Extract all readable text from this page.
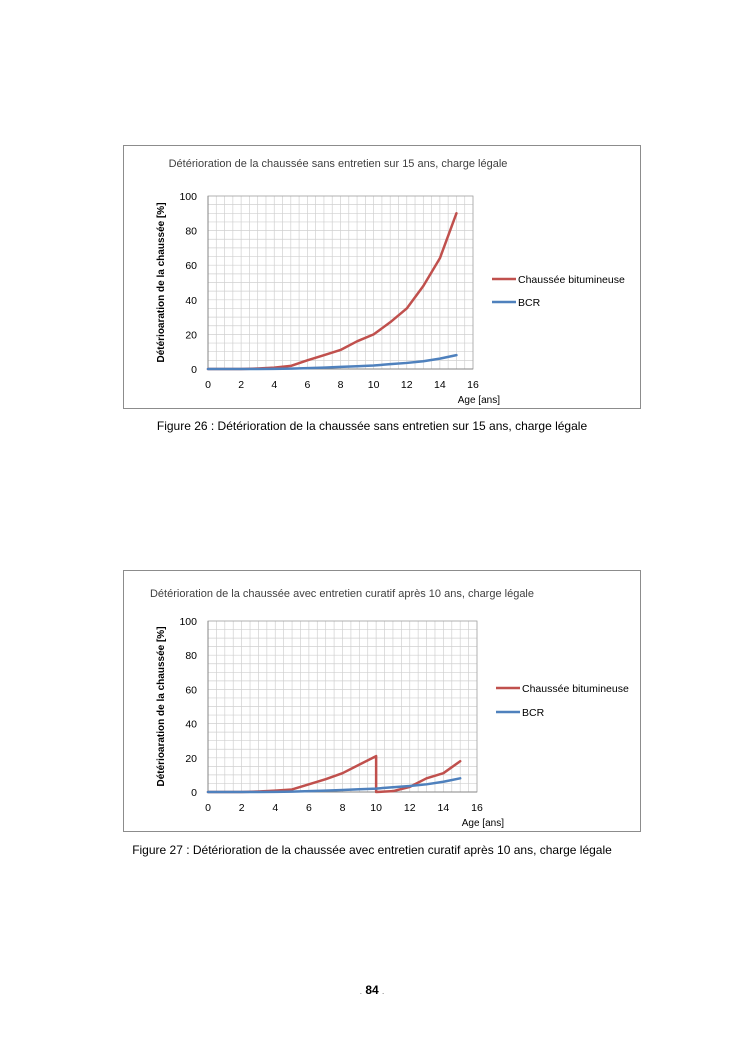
Détérioration de la chaussée sans entretien sur 15 ans, charge légale
0	2	4	6	8 10 12 14 16
0
20
40
60
80
100
Age [ans]
Détérioaration de la chaussée [%]	Chaussée bitumineuse
BCR
Figure 26 : Détérioration de la chaussée sans entretien sur 15 ans, charge légale
Détérioration de la chaussée avec entretien curatif après 10 ans, charge légale
0	2	4	6	8 10 12 14 16
0
20
40
60
80
100
Age [ans]
Détérioaration de la chaussée [%]	Chaussée bitumineuse
BCR
Figure 27 : Détérioration de la chaussée avec entretien curatif après 10 ans, charge légale
. 84 .
